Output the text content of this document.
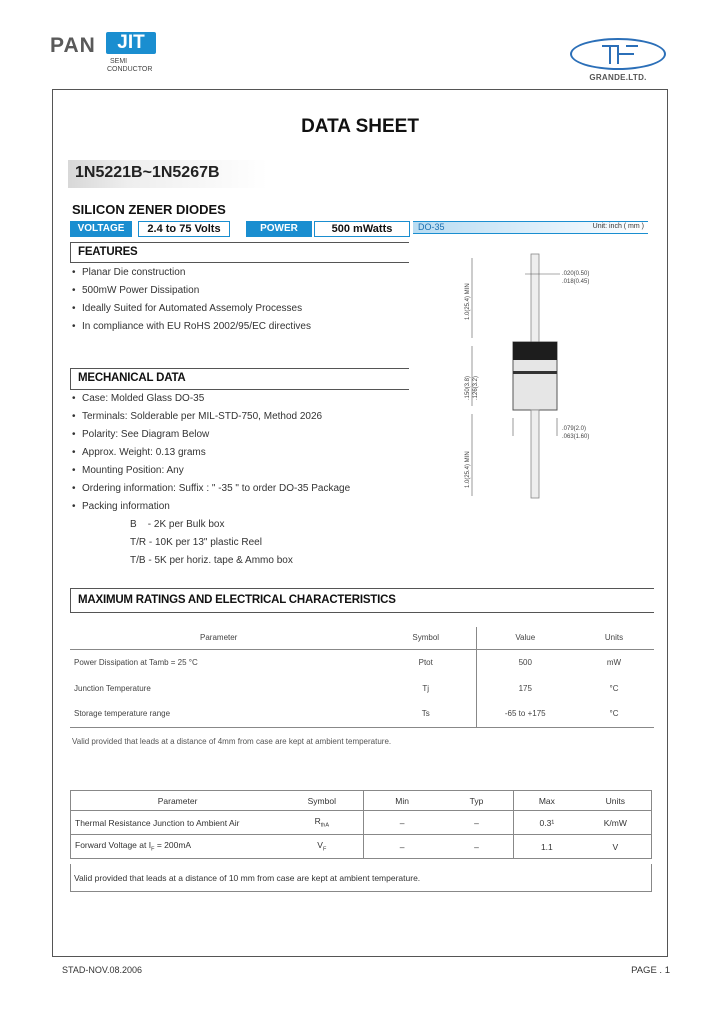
PAN	JIT
SEMI
CONDUCTOR
GRANDE.LTD.
DATA SHEET
1N5221B~1N5267B
SILICON ZENER DIODES
VOLTAGE	2.4 to 75 Volts	POWER	500 mWatts	DO-35	Unit: inch ( mm )
FEATURES
• Planar Die construction
• 500mW Power Dissipation
• Ideally Suited for Automated Assemoly Processes
• In compliance with EU RoHS 2002/95/EC directives
MECHANICAL DATA
• Case: Molded Glass DO-35
• Terminals: Solderable per MIL-STD-750, Method 2026
• Polarity: See Diagram Below
• Approx. Weight: 0.13 grams
• Mounting Position: Any
• Ordering information: Suffix : " -35 " to order DO-35 Package
• Packing information
B    - 2K per Bulk box
T/R - 10K per 13" plastic Reel
T/B - 5K per horiz. tape & Ammo box
.020(0.50)
.018(0.45)
1.0(25.4) MIN
.150(3.8) .126(3.2)
.079(2.0)
.063(1.60)
1.0(25.4) MIN
MAXIMUM RATINGS AND ELECTRICAL CHARACTERISTICS
Parameter	Symbol	Value	Units
Power Dissipation at Tamb = 25 °C	Ptot	500	mW
Junction Temperature	Tj	175	°C
Storage temperature range	Ts	-65 to +175	°C
Valid provided that leads at a distance of 4mm from case are kept at ambient temperature.
Parameter	Symbol	Min	Typ	Max	Units
Thermal Resistance Junction to Ambient Air	$R_{thA}$	–	–	0.3¹	K/mW
Forward Voltage at $I_F = 200mA$	$V_F$	–	–	1.1	V
Valid provided that leads at a distance of 10 mm from case are kept at ambient temperature.
STAD-NOV.08.2006	PAGE . 1
